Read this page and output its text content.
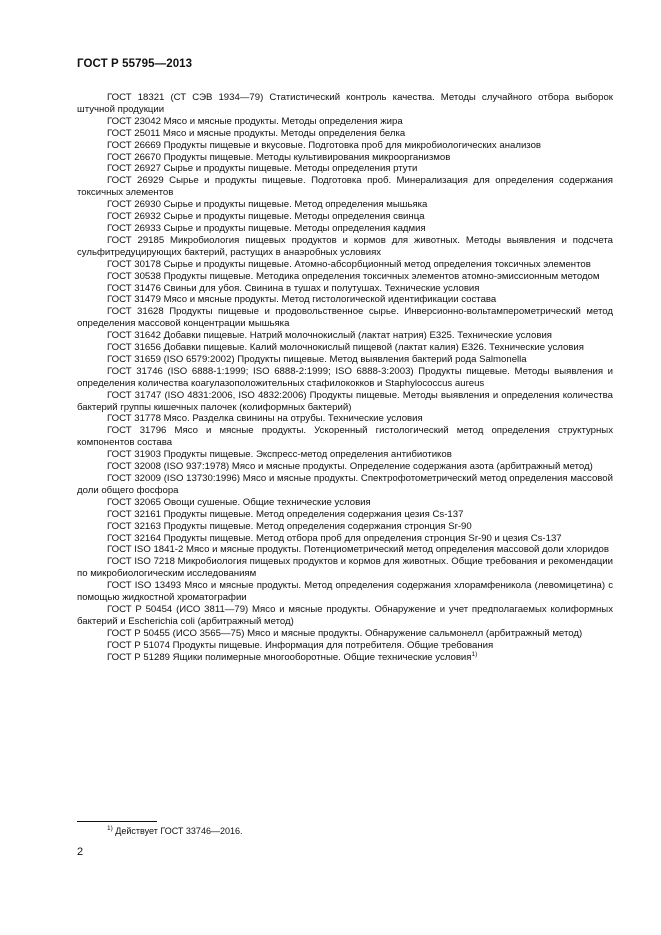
ГОСТ Р 55795—2013

ГОСТ 18321 (СТ СЭВ 1934—79) Статистический контроль качества. Методы случайного отбора выборок штучной продукции

ГОСТ 23042 Мясо и мясные продукты. Методы определения жира

ГОСТ 25011 Мясо и мясные продукты. Методы определения белка

ГОСТ 26669 Продукты пищевые и вкусовые. Подготовка проб для микробиологических анализов

ГОСТ 26670 Продукты пищевые. Методы культивирования микроорганизмов

ГОСТ 26927 Сырье и продукты пищевые. Методы определения ртути

ГОСТ 26929 Сырье и продукты пищевые. Подготовка проб. Минерализация для определения содержания токсичных элементов

ГОСТ 26930 Сырье и продукты пищевые. Метод определения мышьяка

ГОСТ 26932 Сырье и продукты пищевые. Методы определения свинца

ГОСТ 26933 Сырье и продукты пищевые. Методы определения кадмия

ГОСТ 29185 Микробиология пищевых продуктов и кормов для животных. Методы выявления и подсчета сульфитредуцирующих бактерий, растущих в анаэробных условиях

ГОСТ 30178 Сырье и продукты пищевые. Атомно-абсорбционный метод определения токсичных элементов

ГОСТ 30538 Продукты пищевые. Методика определения токсичных элементов атомно-эмиссионным методом

ГОСТ 31476 Свиньи для убоя. Свинина в тушах и полутушах. Технические условия

ГОСТ 31479 Мясо и мясные продукты. Метод гистологической идентификации состава

ГОСТ 31628 Продукты пищевые и продовольственное сырье. Инверсионно-вольтамперометрический метод определения массовой концентрации мышьяка

ГОСТ 31642 Добавки пищевые. Натрий молочнокислый (лактат натрия) Е325. Технические условия

ГОСТ 31656 Добавки пищевые. Калий молочнокислый пищевой (лактат калия) Е326. Технические условия

ГОСТ 31659 (ISO 6579:2002) Продукты пищевые. Метод выявления бактерий рода Salmonella

ГОСТ 31746 (ISO 6888-1:1999; ISO 6888-2:1999; ISO 6888-3:2003) Продукты пищевые. Методы выявления и определения количества коагулазоположительных стафилококков и Staphylococcus aureus

ГОСТ 31747 (ISO 4831:2006, ISO 4832:2006) Продукты пищевые. Методы выявления и определения количества бактерий группы кишечных палочек (колиформных бактерий)

ГОСТ 31778 Мясо. Разделка свинины на отрубы. Технические условия

ГОСТ 31796 Мясо и мясные продукты. Ускоренный гистологический метод определения структурных компонентов состава

ГОСТ 31903 Продукты пищевые. Экспресс-метод определения антибиотиков

ГОСТ 32008 (ISO 937:1978) Мясо и мясные продукты. Определение содержания азота (арбитражный метод)

ГОСТ 32009 (ISO 13730:1996) Мясо и мясные продукты. Спектрофотометрический метод определения массовой доли общего фосфора

ГОСТ 32065 Овощи сушеные. Общие технические условия

ГОСТ 32161 Продукты пищевые. Метод определения содержания цезия Cs-137

ГОСТ 32163 Продукты пищевые. Метод определения содержания стронция Sr-90

ГОСТ 32164 Продукты пищевые. Метод отбора проб для определения стронция Sr-90 и цезия Cs-137

ГОСТ ISO 1841-2 Мясо и мясные продукты. Потенциометрический метод определения массовой доли хлоридов

ГОСТ ISO 7218 Микробиология пищевых продуктов и кормов для животных. Общие требования и рекомендации по микробиологическим исследованиям

ГОСТ ISO 13493 Мясо и мясные продукты. Метод определения содержания хлорамфеникола (левомицетина) с помощью жидкостной хроматографии

ГОСТ Р 50454 (ИСО 3811—79) Мясо и мясные продукты. Обнаружение и учет предполагаемых колиформных бактерий и Escherichia coli (арбитражный метод)

ГОСТ Р 50455 (ИСО 3565—75) Мясо и мясные продукты. Обнаружение сальмонелл (арбитражный метод)

ГОСТ Р 51074 Продукты пищевые. Информация для потребителя. Общие требования

ГОСТ Р 51289 Ящики полимерные многооборотные. Общие технические условия$^{1)}$

$^{1)}$ Действует ГОСТ 33746—2016.
2
